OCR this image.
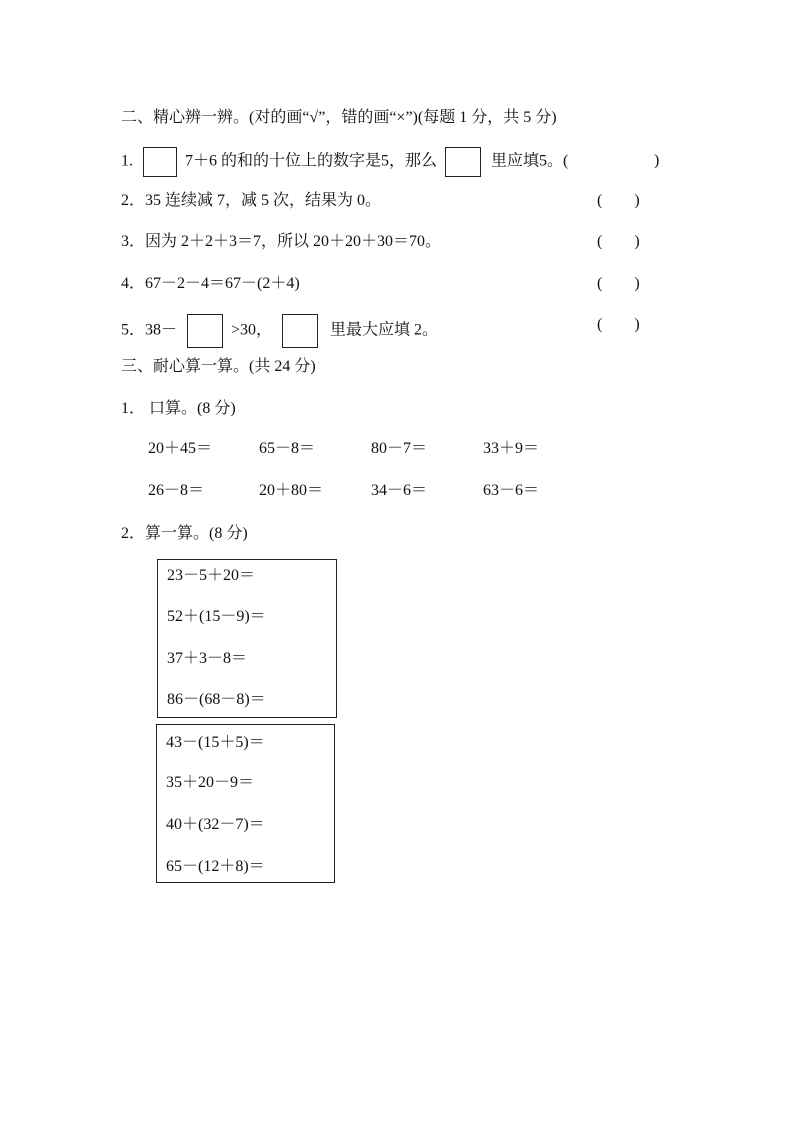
二、精心辨一辨。(对的画“√”，错的画“×”)(每题 1 分，共 5 分)
1.	7＋6 的和的十位上的数字是5，那么	里应填5。(	)
2．35 连续减 7，减 5 次，结果为 0。	(        )
3．因为 2＋2＋3＝7，所以 20＋20＋30＝70。	(        )
4．67－2－4＝67－(2＋4)	(        )
5．38－	>30，	里最大应填 2。	(        )
三、耐心算一算。(共 24 分)
1． 口算。(8 分)
20＋45＝	65－8＝	80－7＝	33＋9＝
26－8＝	20＋80＝	34－6＝	63－6＝
2．算一算。(8 分)
23－5＋20＝
52＋(15－9)＝
37＋3－8＝
86－(68－8)＝
43－(15＋5)＝
35＋20－9＝
40＋(32－7)＝
65－(12＋8)＝
